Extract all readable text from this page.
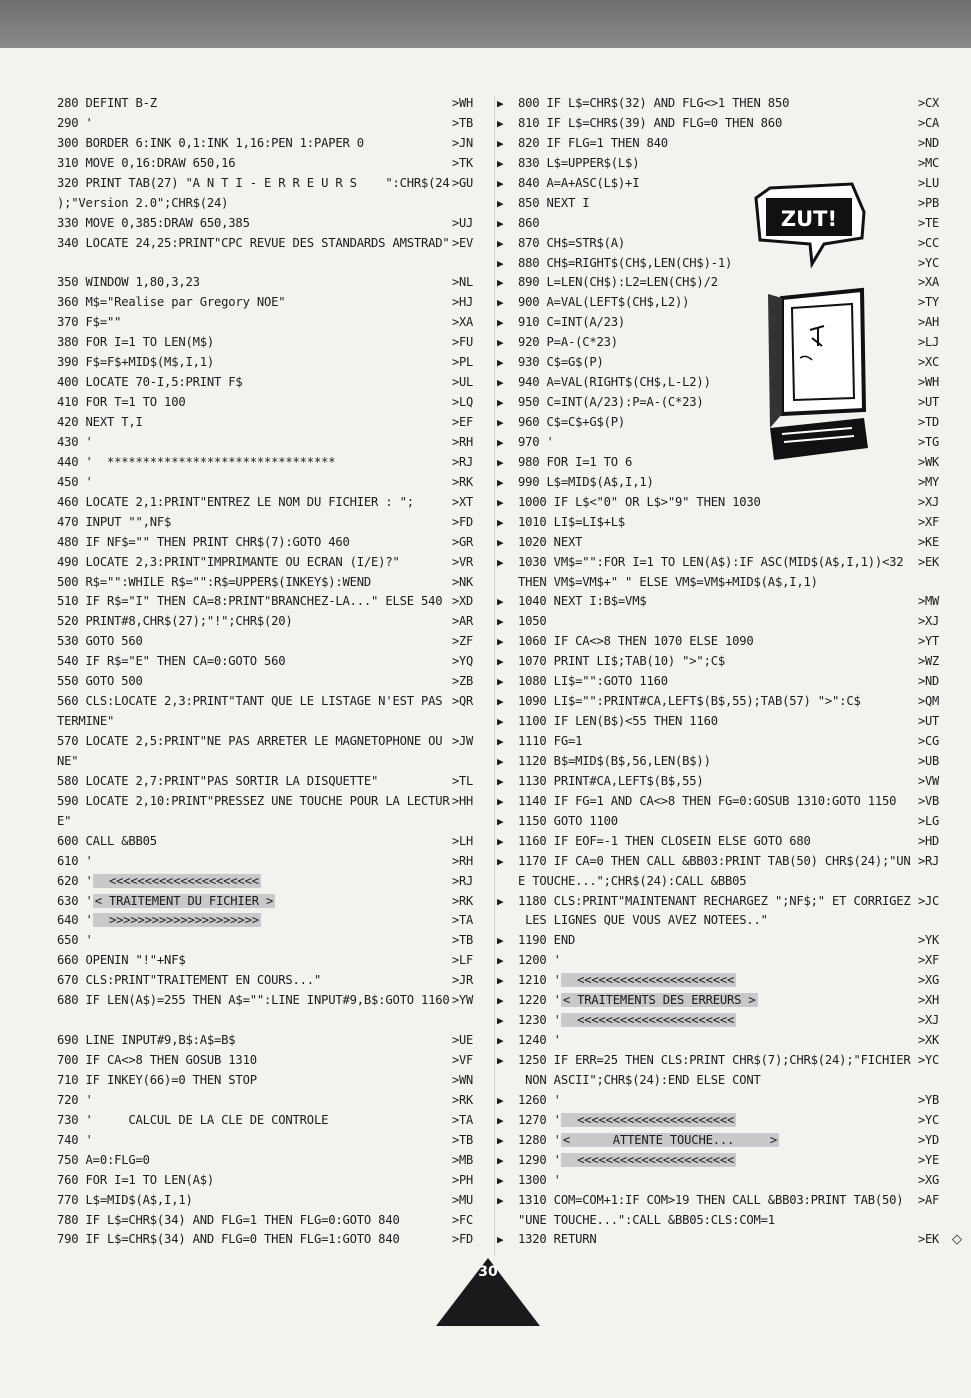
280 DEFINT B-Z	>WH
290 '	>TB
300 BORDER 6:INK 0,1:INK 1,16:PEN 1:PAPER 0	>JN
310 MOVE 0,16:DRAW 650,16	>TK
320 PRINT TAB(27) "A N T I - E R R E U R S    ":CHR$(24 >GU
);"Version 2.0";CHR$(24)
330 MOVE 0,385:DRAW 650,385	>UJ
340 LOCATE 24,25:PRINT"CPC REVUE DES STANDARDS AMSTRAD" >EV
350 WINDOW 1,80,3,23	>NL
360 M$="Realise par Gregory NOE"	>HJ
370 F$=""	>XA
380 FOR I=1 TO LEN(M$)	>FU
390 F$=F$+MID$(M$,I,1)	>PL
400 LOCATE 70-I,5:PRINT F$	>UL
410 FOR T=1 TO 100	>LQ
420 NEXT T,I	>EF
430 '	>RH
440 '  ********************************	>RJ
450 '	>RK
460 LOCATE 2,1:PRINT"ENTREZ LE NOM DU FICHIER : ";	>XT
470 INPUT "",NF$	>FD
480 IF NF$="" THEN PRINT CHR$(7):GOTO 460	>GR
490 LOCATE 2,3:PRINT"IMPRIMANTE OU ECRAN (I/E)?"	>VR
500 R$="":WHILE R$="":R$=UPPER$(INKEY$):WEND	>NK
510 IF R$="I" THEN CA=8:PRINT"BRANCHEZ-LA..." ELSE 540 >XD
520 PRINT#8,CHR$(27);"!";CHR$(20)	>AR
530 GOTO 560	>ZF
540 IF R$="E" THEN CA=0:GOTO 560	>YQ
550 GOTO 500	>ZB
560 CLS:LOCATE 2,3:PRINT"TANT QUE LE LISTAGE N'EST PAS >QR
TERMINE"
570 LOCATE 2,5:PRINT"NE PAS ARRETER LE MAGNETOPHONE OU >JW
NE"
580 LOCATE 2,7:PRINT"PAS SORTIR LA DISQUETTE"	>TL
590 LOCATE 2,10:PRINT"PRESSEZ UNE TOUCHE POUR LA LECTUR >HH
E"
600 CALL &BB05	>LH
610 '	>RH
620 '  <<<<<<<<<<<<<<<<<<<<<	>RJ
630 ' < TRAITEMENT DU FICHIER >	>RK
640 '  >>>>>>>>>>>>>>>>>>>>>	>TA
650 '	>TB
660 OPENIN "!"+NF$	>LF
670 CLS:PRINT"TRAITEMENT EN COURS..."	>JR
680 IF LEN(A$)=255 THEN A$="":LINE INPUT#9,B$:GOTO 1160 >YW
690 LINE INPUT#9,B$:A$=B$	>UE
700 IF CA<>8 THEN GOSUB 1310	>VF
710 IF INKEY(66)=0 THEN STOP	>WN
720 '	>RK
730 '     CALCUL DE LA CLE DE CONTROLE	>TA
740 '	>TB
750 A=0:FLG=0	>MB
760 FOR I=1 TO LEN(A$)	>PH
770 L$=MID$(A$,I,1)	>MU
780 IF L$=CHR$(34) AND FLG=1 THEN FLG=0:GOTO 840	>FC
790 IF L$=CHR$(34) AND FLG=0 THEN FLG=1:GOTO 840	>FD
▶ 800 IF L$=CHR$(32) AND FLG<>1 THEN 850	>CX
▶ 810 IF L$=CHR$(39) AND FLG=0 THEN 860	>CA
▶ 820 IF FLG=1 THEN 840	>ND
▶ 830 L$=UPPER$(L$)	>MC
▶ 840 A=A+ASC(L$)+I	>LU
▶ 850 NEXT I	>PB
▶ 860	>TE
▶ 870 CH$=STR$(A)	>CC
▶ 880 CH$=RIGHT$(CH$,LEN(CH$)-1)	>YC
▶ 890 L=LEN(CH$):L2=LEN(CH$)/2	>XA
▶ 900 A=VAL(LEFT$(CH$,L2))	>TY
▶ 910 C=INT(A/23)	>AH
▶ 920 P=A-(C*23)	>LJ
▶ 930 C$=G$(P)	>XC
▶ 940 A=VAL(RIGHT$(CH$,L-L2))	>WH
▶ 950 C=INT(A/23):P=A-(C*23)	>UT
▶ 960 C$=C$+G$(P)	>TD
▶ 970 '	>TG
▶ 980 FOR I=1 TO 6	>WK
▶ 990 L$=MID$(A$,I,1)	>MY
▶ 1000 IF L$<"0" OR L$>"9" THEN 1030	>XJ
▶ 1010 LI$=LI$+L$	>XF
▶ 1020 NEXT	>KE
▶ 1030 VM$="":FOR I=1 TO LEN(A$):IF ASC(MID$(A$,I,1))<32 >EK
THEN VM$=VM$+" " ELSE VM$=VM$+MID$(A$,I,1)
▶ 1040 NEXT I:B$=VM$	>MW
▶ 1050	>XJ
▶ 1060 IF CA<>8 THEN 1070 ELSE 1090	>YT
▶ 1070 PRINT LI$;TAB(10) ">";C$	>WZ
▶ 1080 LI$="":GOTO 1160	>ND
▶ 1090 LI$="":PRINT#CA,LEFT$(B$,55);TAB(57) ">":C$	>QM
▶ 1100 IF LEN(B$)<55 THEN 1160	>UT
▶ 1110 FG=1	>CG
▶ 1120 B$=MID$(B$,56,LEN(B$))	>UB
▶ 1130 PRINT#CA,LEFT$(B$,55)	>VW
▶ 1140 IF FG=1 AND CA<>8 THEN FG=0:GOSUB 1310:GOTO 1150 >VB
▶ 1150 GOTO 1100	>LG
▶ 1160 IF EOF=-1 THEN CLOSEIN ELSE GOTO 680	>HD
▶ 1170 IF CA=0 THEN CALL &BB03:PRINT TAB(50) CHR$(24);"UN >RJ
E TOUCHE...";CHR$(24):CALL &BB05
▶ 1180 CLS:PRINT"MAINTENANT RECHARGEZ ";NF$;" ET CORRIGEZ >JC
LES LIGNES QUE VOUS AVEZ NOTEES.."
▶ 1190 END	>YK
▶ 1200 '	>XF
▶ 1210 '  <<<<<<<<<<<<<<<<<<<<<<	>XG
▶ 1220 ' < TRAITEMENTS DES ERREURS >	>XH
▶ 1230 '  <<<<<<<<<<<<<<<<<<<<<<	>XJ
▶ 1240 '	>XK
▶ 1250 IF ERR=25 THEN CLS:PRINT CHR$(7);CHR$(24);"FICHIER >YC
NON ASCII";CHR$(24):END ELSE CONT
▶ 1260 '	>YB
▶ 1270 '  <<<<<<<<<<<<<<<<<<<<<<	>YC
▶ 1280 ' <      ATTENTE TOUCHE...     >	>YD
▶ 1290 '  <<<<<<<<<<<<<<<<<<<<<<	>YE
▶ 1300 '	>XG
▶ 1310 COM=COM+1:IF COM>19 THEN CALL &BB03:PRINT TAB(50) >AF
"UNE TOUCHE...":CALL &BB05:CLS:COM=1
▶ 1320 RETURN	>EK ◇
ZUT!
30
